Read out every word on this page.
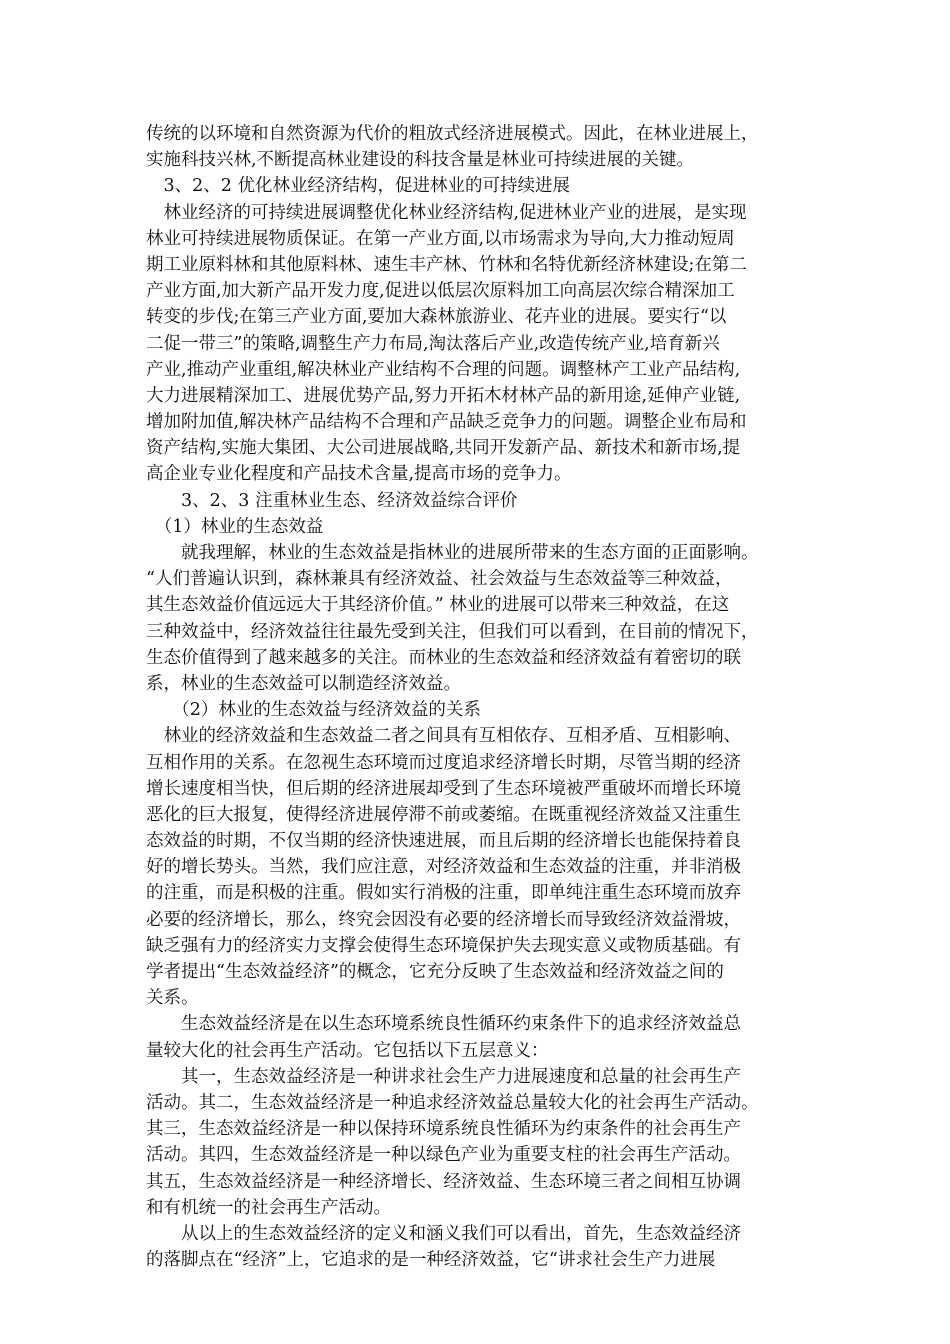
传统的以环境和自然资源为代价的粗放式经济进展模式。因此，在林业进展上，
实施科技兴林,不断提高林业建设的科技含量是林业可持续进展的关键。
　3、2、2 优化林业经济结构，促进林业的可持续进展
　林业经济的可持续进展调整优化林业经济结构,促进林业产业的进展，是实现
林业可持续进展物质保证。在第一产业方面,以市场需求为导向,大力推动短周
期工业原料林和其他原料林、速生丰产林、竹林和名特优新经济林建设;在第二
产业方面,加大新产品开发力度,促进以低层次原料加工向高层次综合精深加工
转变的步伐;在第三产业方面,要加大森林旅游业、花卉业的进展。要实行“以
二促一带三”的策略,调整生产力布局,淘汰落后产业,改造传统产业,培育新兴
产业,推动产业重组,解决林业产业结构不合理的问题。调整林产工业产品结构,
大力进展精深加工、进展优势产品,努力开拓木材林产品的新用途,延伸产业链,
增加附加值,解决林产品结构不合理和产品缺乏竞争力的问题。调整企业布局和
资产结构,实施大集团、大公司进展战略,共同开发新产品、新技术和新市场,提
高企业专业化程度和产品技术含量,提高市场的竞争力。
　　3、2、3 注重林业生态、经济效益综合评价
　（1）林业的生态效益
　　就我理解，林业的生态效益是指林业的进展所带来的生态方面的正面影响。
“人们普遍认识到，森林兼具有经济效益、社会效益与生态效益等三种效益，
其生态效益价值远远大于其经济价值。” 林业的进展可以带来三种效益，在这
三种效益中，经济效益往往最先受到关注，但我们可以看到，在目前的情况下，
生态价值得到了越来越多的关注。而林业的生态效益和经济效益有着密切的联
系，林业的生态效益可以制造经济效益。
　　（2）林业的生态效益与经济效益的关系
　林业的经济效益和生态效益二者之间具有互相依存、互相矛盾、互相影响、
互相作用的关系。在忽视生态环境而过度追求经济增长时期，尽管当期的经济
增长速度相当快，但后期的经济进展却受到了生态环境被严重破坏而增长环境
恶化的巨大报复，使得经济进展停滞不前或萎缩。在既重视经济效益又注重生
态效益的时期，不仅当期的经济快速进展，而且后期的经济增长也能保持着良
好的增长势头。当然，我们应注意，对经济效益和生态效益的注重，并非消极
的注重，而是积极的注重。假如实行消极的注重，即单纯注重生态环境而放弃
必要的经济增长，那么，终究会因没有必要的经济增长而导致经济效益滑坡，
缺乏强有力的经济实力支撑会使得生态环境保护失去现实意义或物质基础。有
学者提出“生态效益经济”的概念，它充分反映了生态效益和经济效益之间的
关系。
　　生态效益经济是在以生态环境系统良性循环约束条件下的追求经济效益总
量较大化的社会再生产活动。它包括以下五层意义：
　　其一，生态效益经济是一种讲求社会生产力进展速度和总量的社会再生产
活动。其二，生态效益经济是一种追求经济效益总量较大化的社会再生产活动。
其三，生态效益经济是一种以保持环境系统良性循环为约束条件的社会再生产
活动。其四，生态效益经济是一种以绿色产业为重要支柱的社会再生产活动。
其五，生态效益经济是一种经济增长、经济效益、生态环境三者之间相互协调
和有机统一的社会再生产活动。
　　从以上的生态效益经济的定义和涵义我们可以看出，首先，生态效益经济
的落脚点在“经济”上，它追求的是一种经济效益，它“讲求社会生产力进展
